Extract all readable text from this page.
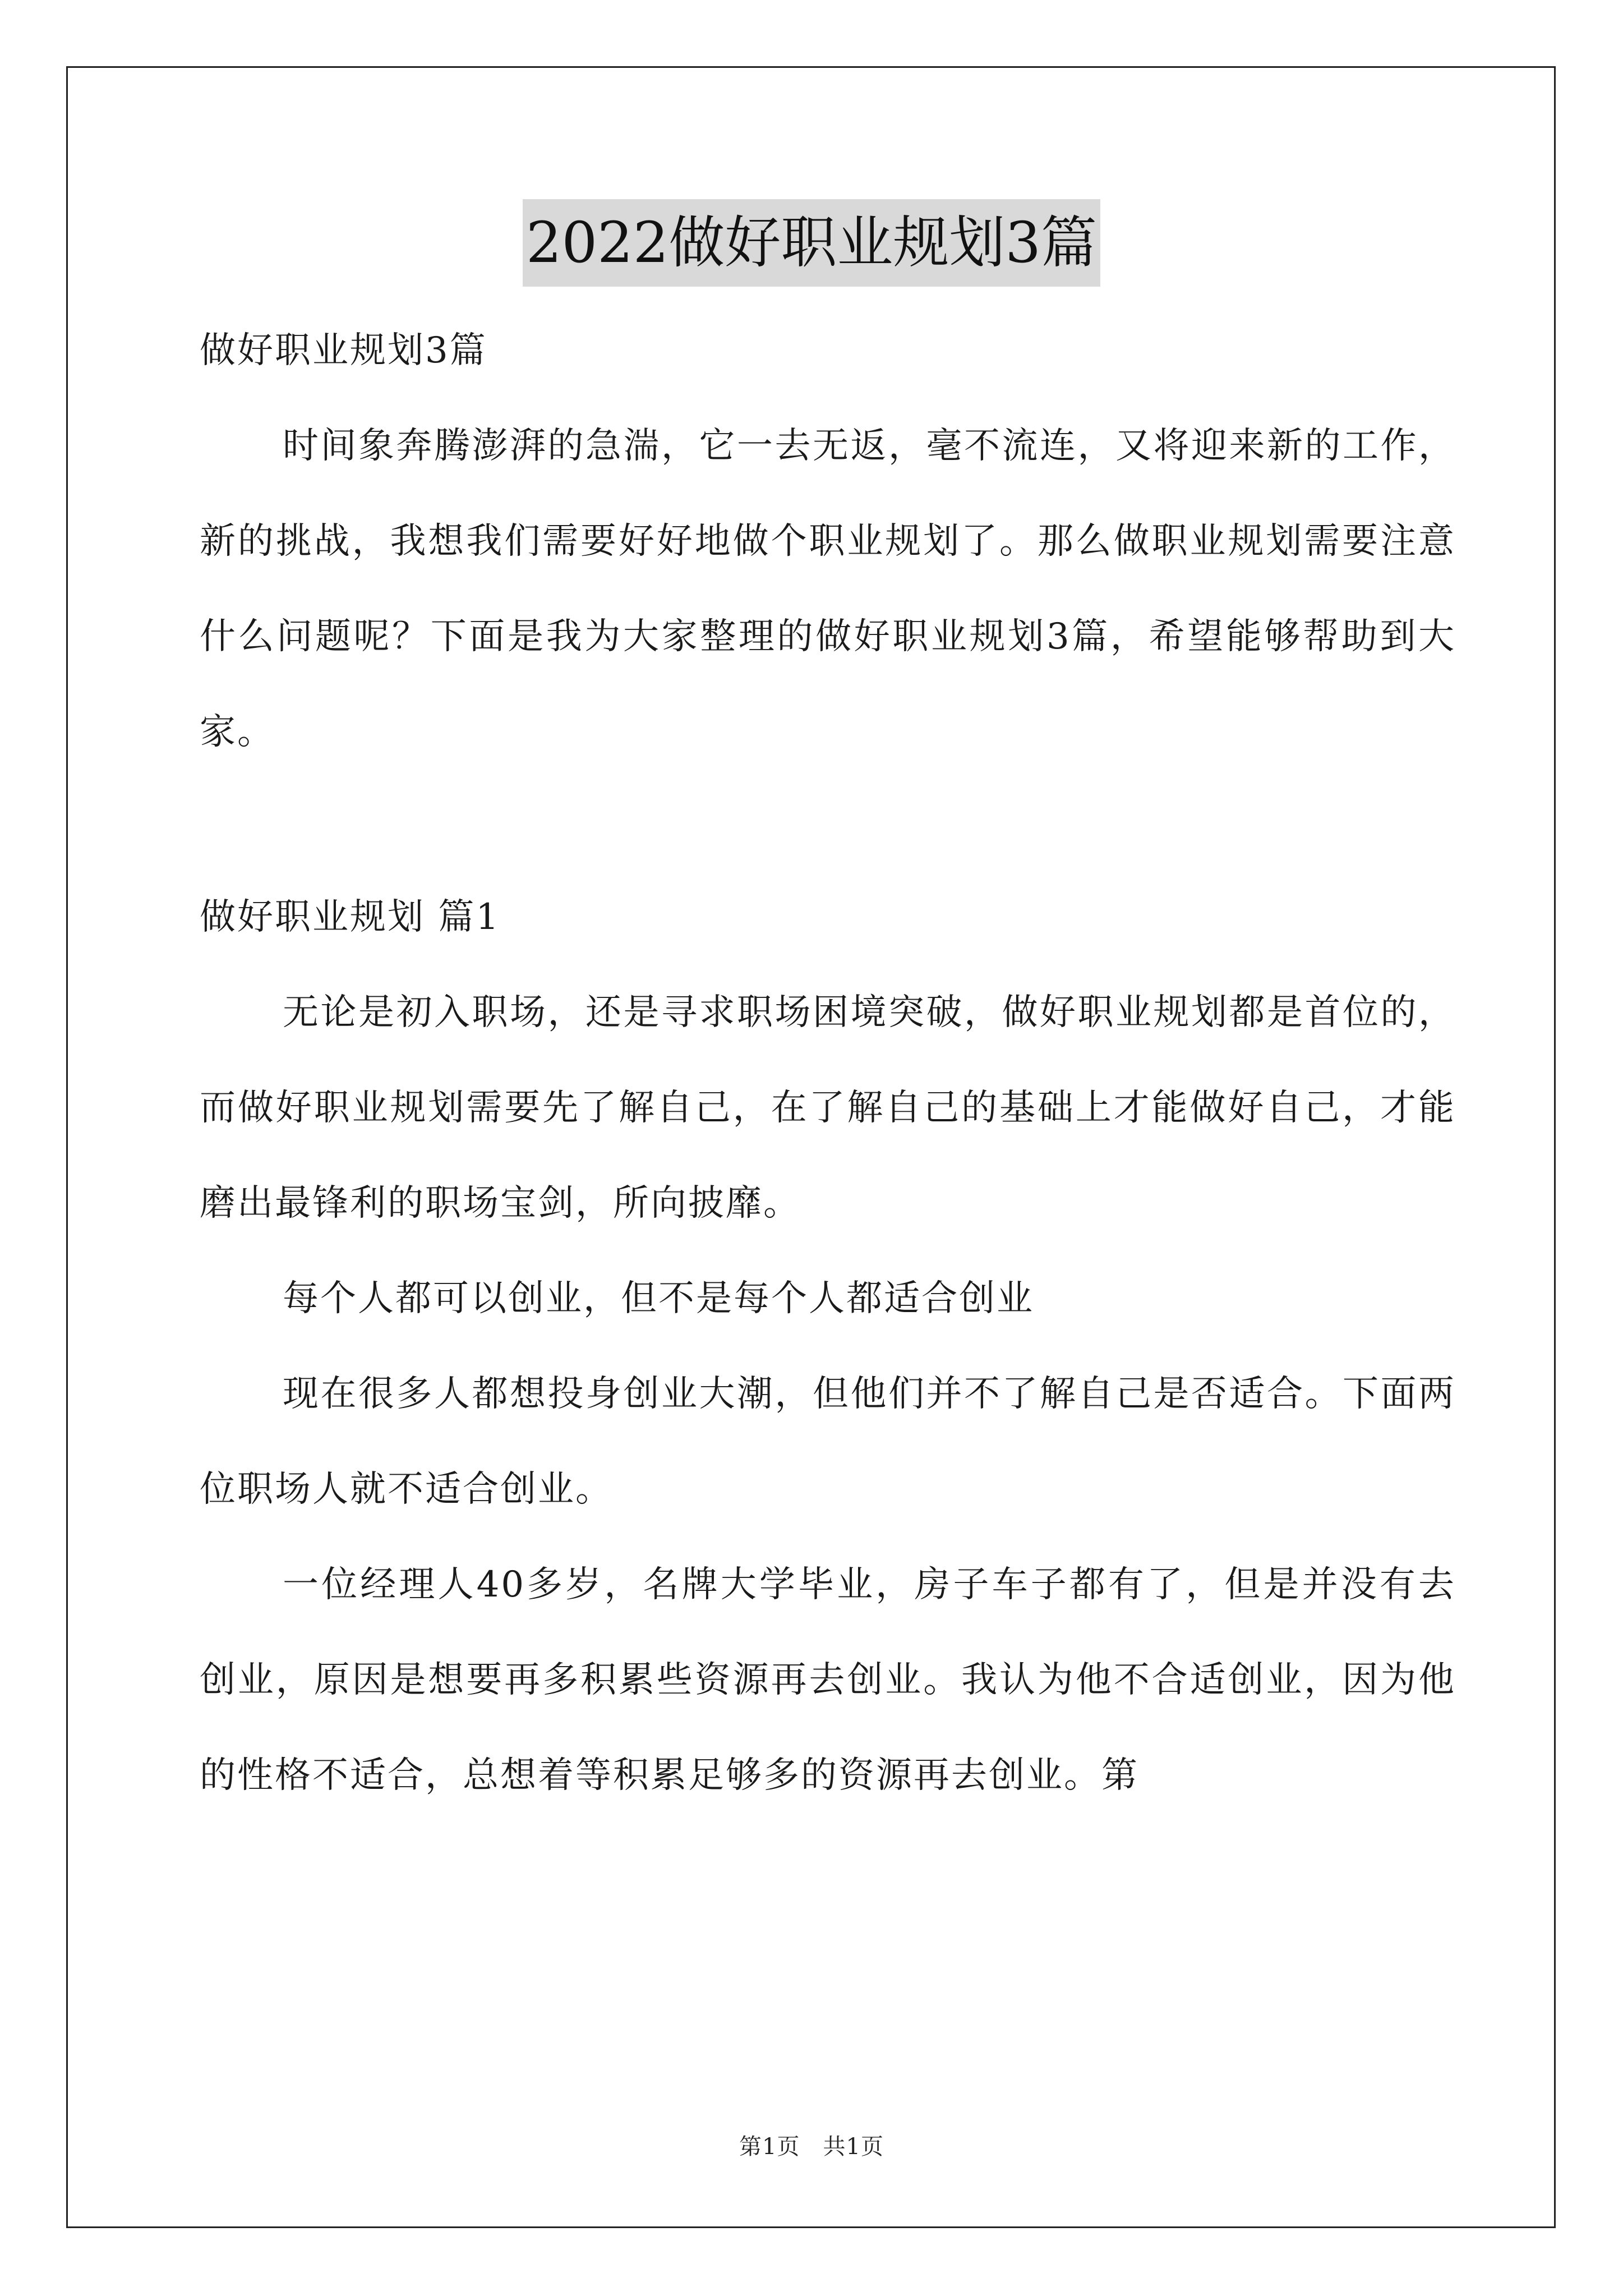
2022做好职业规划3篇

做好职业规划3篇

时间象奔腾澎湃的急湍，它一去无返，毫不流连，又将迎来新的工作，新的挑战，我想我们需要好好地做个职业规划了。那么做职业规划需要注意什么问题呢？下面是我为大家整理的做好职业规划3篇，希望能够帮助到大家。

做好职业规划 篇1

无论是初入职场，还是寻求职场困境突破，做好职业规划都是首位的，而做好职业规划需要先了解自己，在了解自己的基础上才能做好自己，才能磨出最锋利的职场宝剑，所向披靡。

每个人都可以创业，但不是每个人都适合创业

现在很多人都想投身创业大潮，但他们并不了解自己是否适合。下面两位职场人就不适合创业。

一位经理人40多岁，名牌大学毕业，房子车子都有了，但是并没有去创业，原因是想要再多积累些资源再去创业。我认为他不合适创业，因为他的性格不适合，总想着等积累足够多的资源再去创业。第

第1页　共1页
